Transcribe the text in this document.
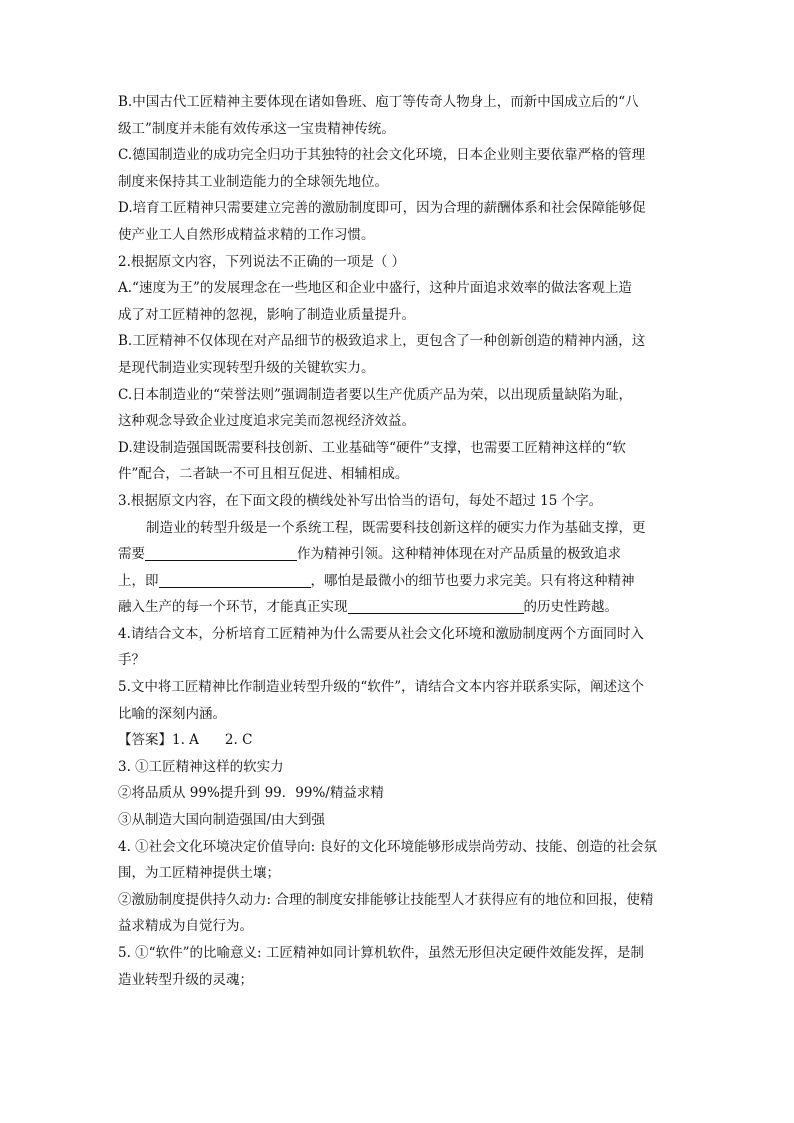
B.中国古代工匠精神主要体现在诸如鲁班、庖丁等传奇人物身上，而新中国成立后的“八
级工”制度并未能有效传承这一宝贵精神传统。
C.德国制造业的成功完全归功于其独特的社会文化环境，日本企业则主要依靠严格的管理
制度来保持其工业制造能力的全球领先地位。
D.培育工匠精神只需要建立完善的激励制度即可，因为合理的薪酬体系和社会保障能够促
使产业工人自然形成精益求精的工作习惯。
2.根据原文内容，下列说法不正确的一项是（ ）
A.“速度为王”的发展理念在一些地区和企业中盛行，这种片面追求效率的做法客观上造
成了对工匠精神的忽视，影响了制造业质量提升。
B.工匠精神不仅体现在对产品细节的极致追求上，更包含了一种创新创造的精神内涵，这
是现代制造业实现转型升级的关键软实力。
C.日本制造业的“荣誉法则”强调制造者要以生产优质产品为荣，以出现质量缺陷为耻，
这种观念导致企业过度追求完美而忽视经济效益。
D.建设制造强国既需要科技创新、工业基础等“硬件”支撑，也需要工匠精神这样的“软
件”配合，二者缺一不可且相互促进、相辅相成。
3.根据原文内容，在下面文段的横线处补写出恰当的语句，每处不超过 15 个字。
制造业的转型升级是一个系统工程，既需要科技创新这样的硬实力作为基础支撑，更
需要	作为精神引领。这种精神体现在对产品质量的极致追求
上，即	，哪怕是最微小的细节也要力求完美。只有将这种精神
融入生产的每一个环节，才能真正实现	的历史性跨越。
4.请结合文本，分析培育工匠精神为什么需要从社会文化环境和激励制度两个方面同时入
手？
5.文中将工匠精神比作制造业转型升级的“软件”，请结合文本内容并联系实际，阐述这个
比喻的深刻内涵。
【答案】1. A 2. C
3. ①工匠精神这样的软实力
②将品质从 99%提升到 99．99%/精益求精
③从制造大国向制造强国/由大到强
4. ①社会文化环境决定价值导向: 良好的文化环境能够形成崇尚劳动、技能、创造的社会氛
围，为工匠精神提供土壤；
②激励制度提供持久动力: 合理的制度安排能够让技能型人才获得应有的地位和回报，使精
益求精成为自觉行为。
5. ①“软件”的比喻意义: 工匠精神如同计算机软件，虽然无形但决定硬件效能发挥，是制
造业转型升级的灵魂；
